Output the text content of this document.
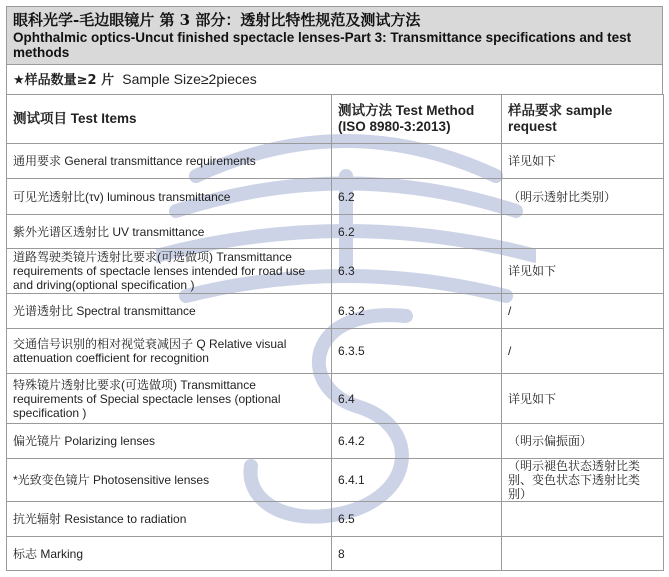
眼科光学-毛边眼镜片 第 3 部分：透射比特性规范及测试方法
Ophthalmic optics-Uncut finished spectacle lenses-Part 3: Transmittance specifications and test methods
★样品数量≥2 片 Sample Size≥2pieces
测试项目 Test Items	测试方法 Test Method (ISO 8980-3:2013)	样品要求 sample request
通用要求 General transmittance requirements		详见如下
可见光透射比(τv) luminous transmittance	6.2	（明示透射比类别）
紫外光谱区透射比 UV transmittance	6.2	
道路驾驶类镜片透射比要求(可选做项) Transmittance requirements of spectacle lenses intended for road use and driving(optional specification )	6.3	详见如下
光谱透射比 Spectral transmittance	6.3.2	/
交通信号识别的相对视觉衰减因子 Q Relative visual attenuation coefficient for recognition	6.3.5	/
特殊镜片透射比要求(可选做项) Transmittance requirements of Special spectacle lenses (optional specification )	6.4	详见如下
偏光镜片 Polarizing lenses	6.4.2	（明示偏振面）
*光致变色镜片 Photosensitive lenses	6.4.1	（明示褪色状态透射比类别、变色状态下透射比类别）
抗光辐射 Resistance to radiation	6.5	
标志 Marking	8	
